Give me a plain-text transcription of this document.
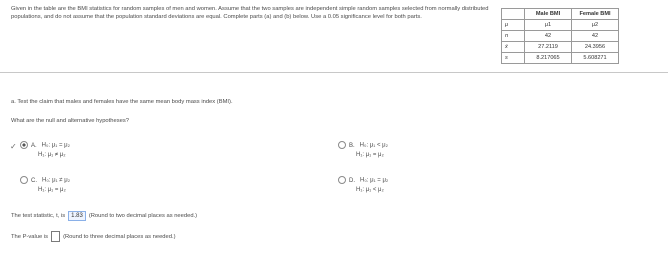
Given in the table are the BMI statistics for random samples of men and women. Assume that the two samples are independent simple random samples selected from normally distributed populations, and do not assume that the population standard deviations are equal. Complete parts (a) and (b) below. Use a 0.05 significance level for both parts.
		Male BMI	Female BMI
μ	μ1	μ2
n	42	42
x̄	27.2119	24.3956
s	8.217065	5.608271
a. Test the claim that males and females have the same mean body mass index (BMI).
What are the null and alternative hypotheses?
✓	A. H₀: μ₁ = μ₂
H₁: μ₁ ≠ μ₂
B. H₀: μ₁ < μ₂
H₁: μ₁ = μ₂
C. H₀: μ₁ ≠ μ₂
H₁: μ₁ = μ₂
D. H₀: μ₁ = μ₂
H₁: μ₁ < μ₂
The test statistic, t, is	1.83	(Round to two decimal places as needed.)
The P-value is	(Round to three decimal places as needed.)
